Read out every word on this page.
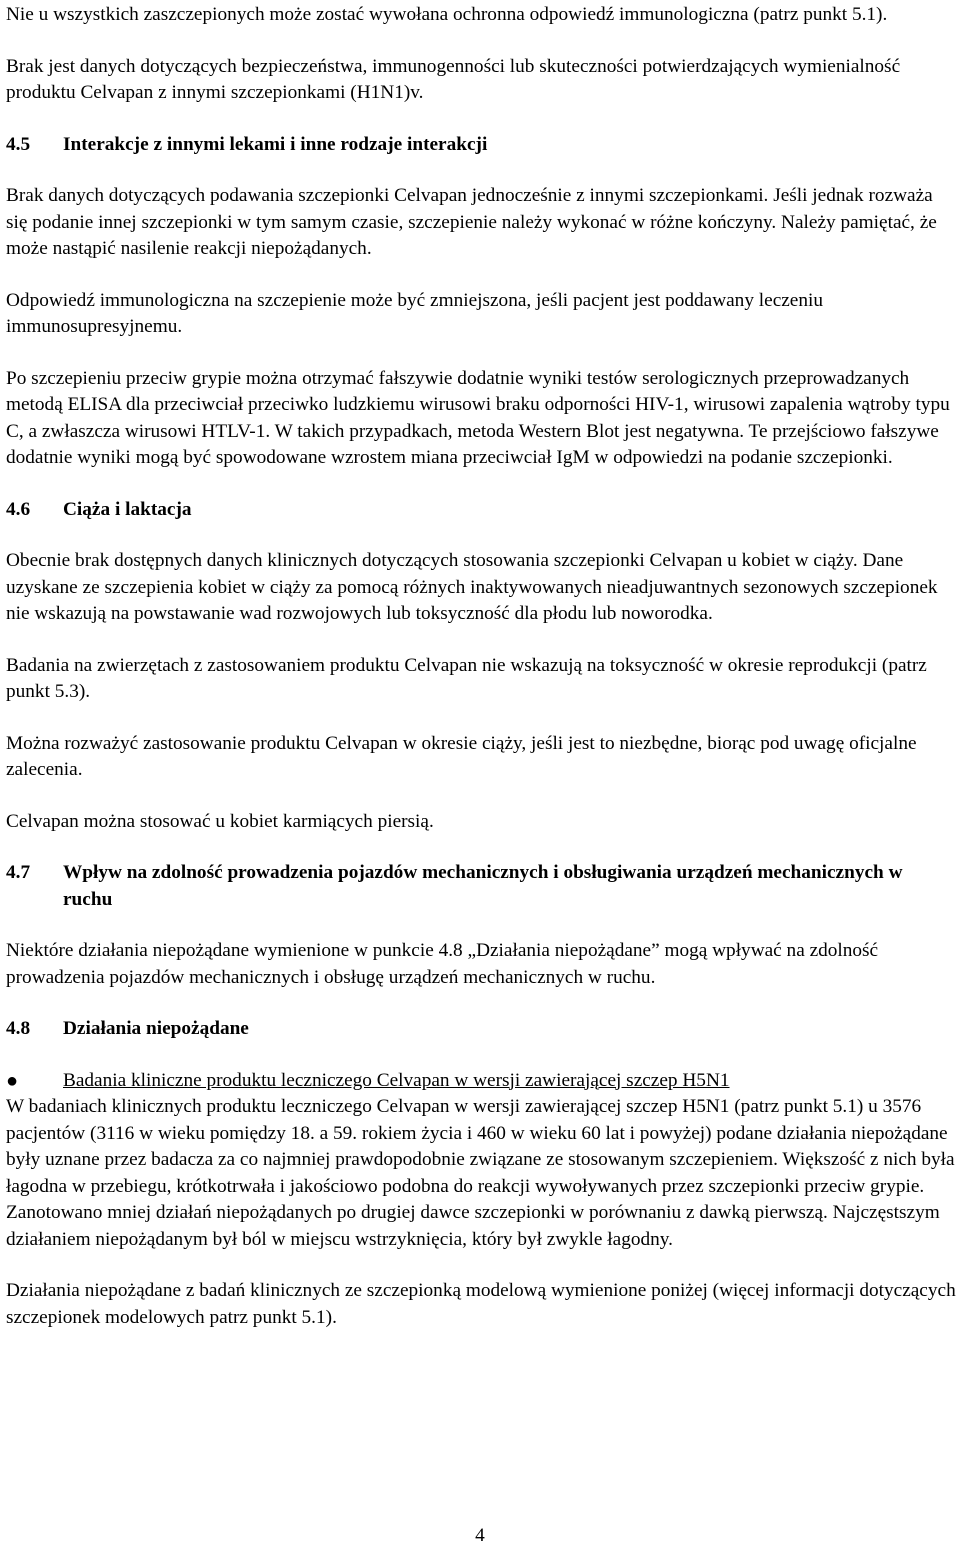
Nie u wszystkich zaszczepionych może zostać wywołana ochronna odpowiedź immunologiczna (patrz punkt 5.1).

Brak jest danych dotyczących bezpieczeństwa, immunogenności lub skuteczności potwierdzających wymienialność produktu Celvapan z innymi szczepionkami (H1N1)v.

4.5	Interakcje z innymi lekami i inne rodzaje interakcji

Brak danych dotyczących podawania szczepionki Celvapan jednocześnie z innymi szczepionkami. Jeśli jednak rozważa się podanie innej szczepionki w tym samym czasie, szczepienie należy wykonać w różne kończyny. Należy pamiętać, że może nastąpić nasilenie reakcji niepożądanych.

Odpowiedź immunologiczna na szczepienie może być zmniejszona, jeśli pacjent jest poddawany leczeniu immunosupresyjnemu.

Po szczepieniu przeciw grypie można otrzymać fałszywie dodatnie wyniki testów serologicznych przeprowadzanych metodą ELISA dla przeciwciał przeciwko ludzkiemu wirusowi braku odporności HIV-1, wirusowi zapalenia wątroby typu C, a zwłaszcza wirusowi HTLV-1. W takich przypadkach, metoda Western Blot jest negatywna. Te przejściowo fałszywe dodatnie wyniki mogą być spowodowane wzrostem miana przeciwciał IgM w odpowiedzi na podanie szczepionki.

4.6	Ciąża i laktacja

Obecnie brak dostępnych danych klinicznych dotyczących stosowania szczepionki Celvapan u kobiet w ciąży. Dane uzyskane ze szczepienia kobiet w ciąży za pomocą różnych inaktywowanych nieadjuwantnych sezonowych szczepionek nie wskazują na powstawanie wad rozwojowych lub toksyczność dla płodu lub noworodka.

Badania na zwierzętach z zastosowaniem produktu Celvapan nie wskazują na toksyczność w okresie reprodukcji (patrz punkt 5.3).

Można rozważyć zastosowanie produktu Celvapan w okresie ciąży, jeśli jest to niezbędne, biorąc pod uwagę oficjalne zalecenia.

Celvapan można stosować u kobiet karmiących piersią.

4.7	Wpływ na zdolność prowadzenia pojazdów mechanicznych i obsługiwania urządzeń mechanicznych w ruchu

Niektóre działania niepożądane wymienione w punkcie 4.8 „Działania niepożądane” mogą wpływać na zdolność prowadzenia pojazdów mechanicznych i obsługę urządzeń mechanicznych w ruchu.

4.8	Działania niepożądane
●	Badania kliniczne produktu leczniczego Celvapan w wersji zawierającej szczep H5N1

W badaniach klinicznych produktu leczniczego Celvapan w wersji zawierającej szczep H5N1 (patrz punkt 5.1) u 3576 pacjentów (3116 w wieku pomiędzy 18. a 59. rokiem życia i 460 w wieku 60 lat i powyżej) podane działania niepożądane były uznane przez badacza za co najmniej prawdopodobnie związane ze stosowanym szczepieniem. Większość z nich była łagodna w przebiegu, krótkotrwała i jakościowo podobna do reakcji wywoływanych przez szczepionki przeciw grypie. Zanotowano mniej działań niepożądanych po drugiej dawce szczepionki w porównaniu z dawką pierwszą. Najczęstszym działaniem niepożądanym był ból w miejscu wstrzyknięcia, który był zwykle łagodny.

Działania niepożądane z badań klinicznych ze szczepionką modelową wymienione poniżej (więcej informacji dotyczących szczepionek modelowych patrz punkt 5.1).

4
